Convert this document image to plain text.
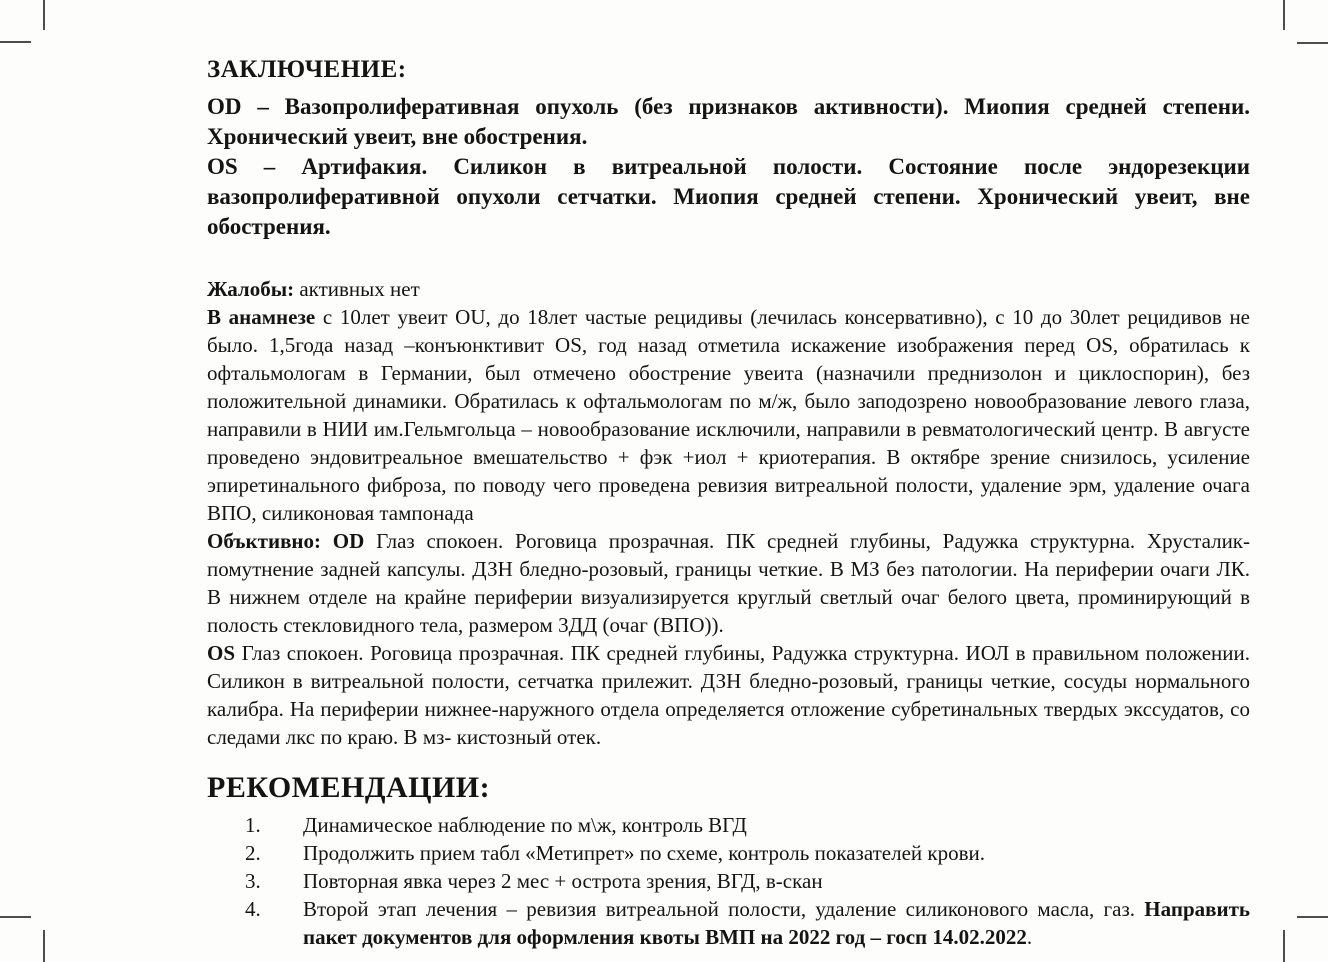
ЗАКЛЮЧЕНИЕ:

OD – Вазопролиферативная опухоль (без признаков активности). Миопия средней степени. Хронический увеит, вне обострения.

OS – Артифакия. Силикон в витреальной полости. Состояние после эндорезекции вазопролиферативной опухоли сетчатки. Миопия средней степени. Хронический увеит, вне обострения.

Жалобы: активных нет

В анамнезе с 10лет увеит OU, до 18лет частые рецидивы (лечилась консервативно), с 10 до 30лет рецидивов не было. 1,5года назад –конъюнктивит OS, год назад отметила искажение изображения перед OS, обратилась к офтальмологам в Германии, был отмечено обострение увеита (назначили преднизолон и циклоспорин), без положительной динамики. Обратилась к офтальмологам по м/ж, было заподозрено новообразование левого глаза, направили в НИИ им.Гельмгольца – новообразование исключили, направили в ревматологический центр. В августе проведено эндовитреальное вмешательство + фэк +иол + криотерапия. В октябре зрение снизилось, усиление эпиретинального фиброза, по поводу чего проведена ревизия витреальной полости, удаление эрм, удаление очага ВПО, силиконовая тампонада

Объктивно: OD Глаз спокоен. Роговица прозрачная. ПК средней глубины, Радужка структурна. Хрусталик-помутнение задней капсулы. ДЗН бледно-розовый, границы четкие. В МЗ без патологии. На периферии очаги ЛК. В нижнем отделе на крайне периферии визуализируется круглый светлый очаг белого цвета, проминирующий в полость стекловидного тела, размером 3ДД (очаг (ВПО)).

OS Глаз спокоен. Роговица прозрачная. ПК средней глубины, Радужка структурна. ИОЛ в правильном положении. Силикон в витреальной полости, сетчатка прилежит. ДЗН бледно-розовый, границы четкие, сосуды нормального калибра. На периферии нижнее-наружного отдела определяется отложение субретинальных твердых экссудатов, со следами лкс по краю. В мз- кистозный отек.

РЕКОМЕНДАЦИИ:
1.	Динамическое наблюдение по м\ж, контроль ВГД
2.	Продолжить прием табл «Метипрет» по схеме, контроль показателей крови.
3.	Повторная явка через 2 мес + острота зрения, ВГД, в-скан
4.	Второй этап лечения – ревизия витреальной полости, удаление силиконового масла, газ. Направить пакет документов для оформления квоты ВМП на 2022 год – госп 14.02.2022.
